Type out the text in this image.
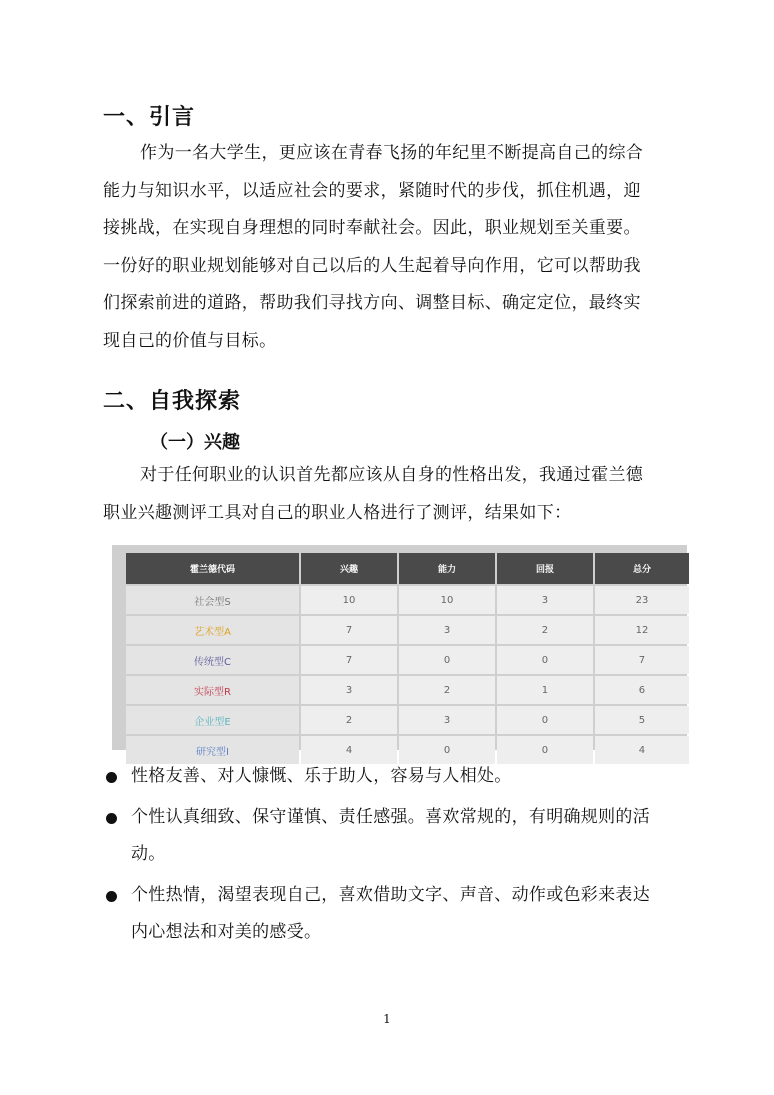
一、引言
作为一名大学生，更应该在青春飞扬的年纪里不断提高自己的综合
能力与知识水平，以适应社会的要求，紧随时代的步伐，抓住机遇，迎
接挑战，在实现自身理想的同时奉献社会。因此，职业规划至关重要。
一份好的职业规划能够对自己以后的人生起着导向作用，它可以帮助我
们探索前进的道路，帮助我们寻找方向、调整目标、确定定位，最终实
现自己的价值与目标。
二、自我探索
（一）兴趣
对于任何职业的认识首先都应该从自身的性格出发，我通过霍兰德
职业兴趣测评工具对自己的职业人格进行了测评，结果如下：
霍兰德代码	兴趣	能力	回报	总分
社会型S	10	10	3	23
艺术型A	7	3	2	12
传统型C	7	0	0	7
实际型R	3	2	1	6
企业型E	2	3	0	5
研究型I	4	0	0	4
性格友善、对人慷慨、乐于助人，容易与人相处。
个性认真细致、保守谨慎、责任感强。喜欢常规的，有明确规则的活
动。
个性热情，渴望表现自己，喜欢借助文字、声音、动作或色彩来表达
内心想法和对美的感受。
1
